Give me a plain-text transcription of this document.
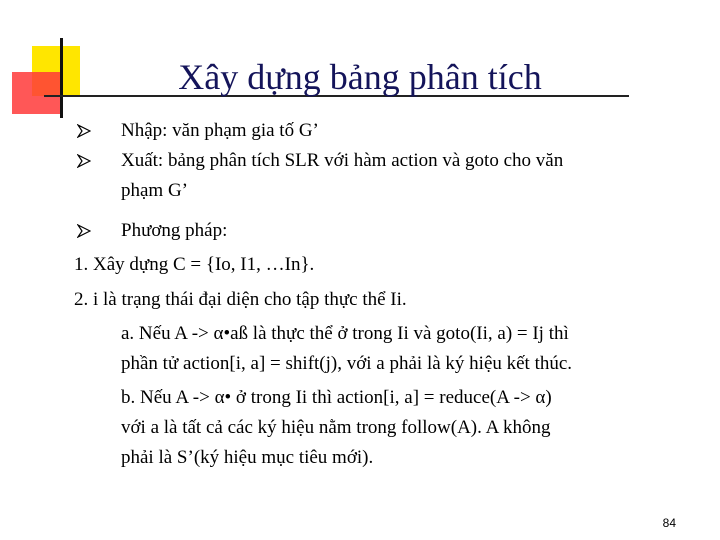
Xây dựng bảng phân tích
Nhập: văn phạm gia tố G’
Xuất: bảng phân tích SLR với hàm action và goto cho văn
phạm G’
Phương pháp:
1. Xây dựng C = {Io, I1, …In}.
2. i là trạng thái đại diện cho tập thực thể Ii.
a. Nếu A -> α•aß là thực thể ở trong Ii và goto(Ii, a) = Ij thì
phần tử action[i, a] = shift(j), với a phải là ký hiệu kết thúc.
b. Nếu A -> α• ở trong Ii thì action[i, a] = reduce(A -> α)
với a là tất cả các ký hiệu nằm trong follow(A). A không
phải là S’(ký hiệu mục tiêu mới).
84
